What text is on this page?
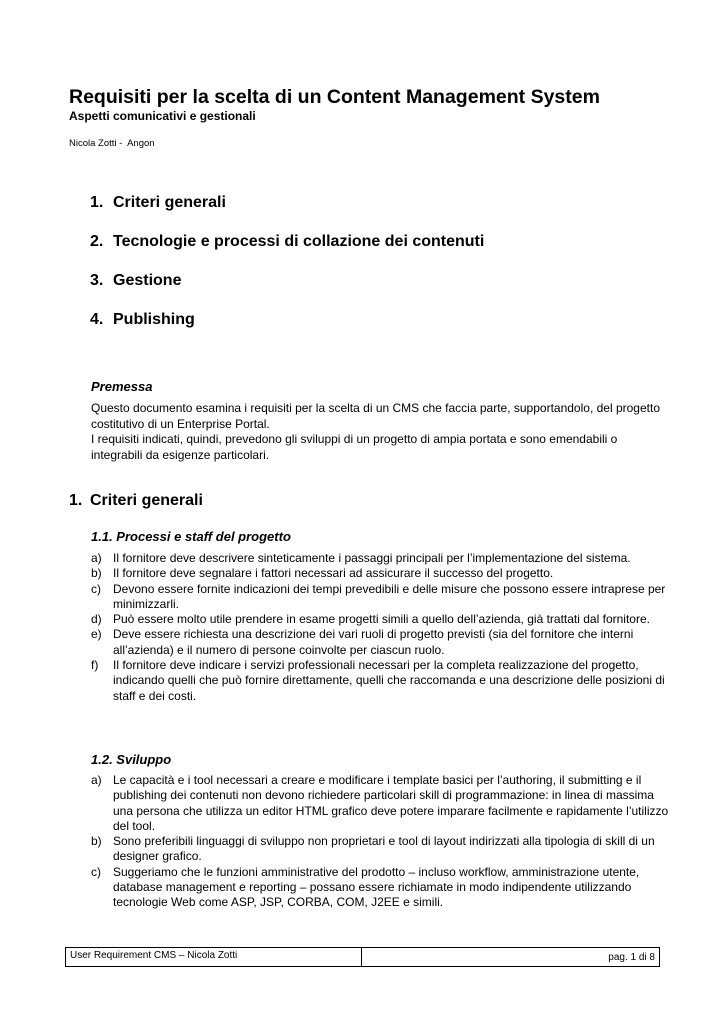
Requisiti per la scelta di un Content Management System
Aspetti comunicativi e gestionali
Nicola Zotti -  Angon
1. Criteri generali
2. Tecnologie e processi di collazione dei contenuti
3. Gestione
4. Publishing
Premessa

Questo documento esamina i requisiti per la scelta di un CMS che faccia parte, supportandolo, del progetto costitutivo di un Enterprise Portal.

I requisiti indicati, quindi, prevedono gli sviluppi di un progetto di ampia portata e sono emendabili o integrabili da esigenze particolari.

1. Criteri generali
1.1. Processi e staff del progetto
a) Il fornitore deve descrivere sinteticamente i passaggi principali per l’implementazione del sistema.
b) Il fornitore deve segnalare i fattori necessari ad assicurare il successo del progetto.
c) Devono essere fornite indicazioni dei tempi prevedibili e delle misure che possono essere intraprese per minimizzarli.
d) Può essere molto utile prendere in esame progetti simili a quello dell’azienda, già trattati dal fornitore.
e) Deve essere richiesta una descrizione dei vari ruoli di progetto previsti (sia del fornitore che interni all’azienda) e il numero di persone coinvolte per ciascun ruolo.
f) Il fornitore deve indicare i servizi professionali necessari per la completa realizzazione del progetto, indicando quelli che può fornire direttamente, quelli che raccomanda e una descrizione delle posizioni di staff e dei costi.
1.2. Sviluppo
a) Le capacità e i tool necessari a creare e modificare i template basici per l’authoring, il submitting e il publishing dei contenuti non devono richiedere particolari skill di programmazione: in linea di massima una persona che utilizza un editor HTML grafico deve potere imparare facilmente e rapidamente l’utilizzo del tool.
b) Sono preferibili linguaggi di sviluppo non proprietari e tool di layout indirizzati alla tipologia di skill di un designer grafico.
c) Suggeriamo che le funzioni amministrative del prodotto – incluso workflow, amministrazione utente, database management e reporting – possano essere richiamate in modo indipendente utilizzando tecnologie Web come ASP, JSP, CORBA, COM, J2EE e simili.
User Requirement CMS – Nicola Zotti	pag. 1 di 8
